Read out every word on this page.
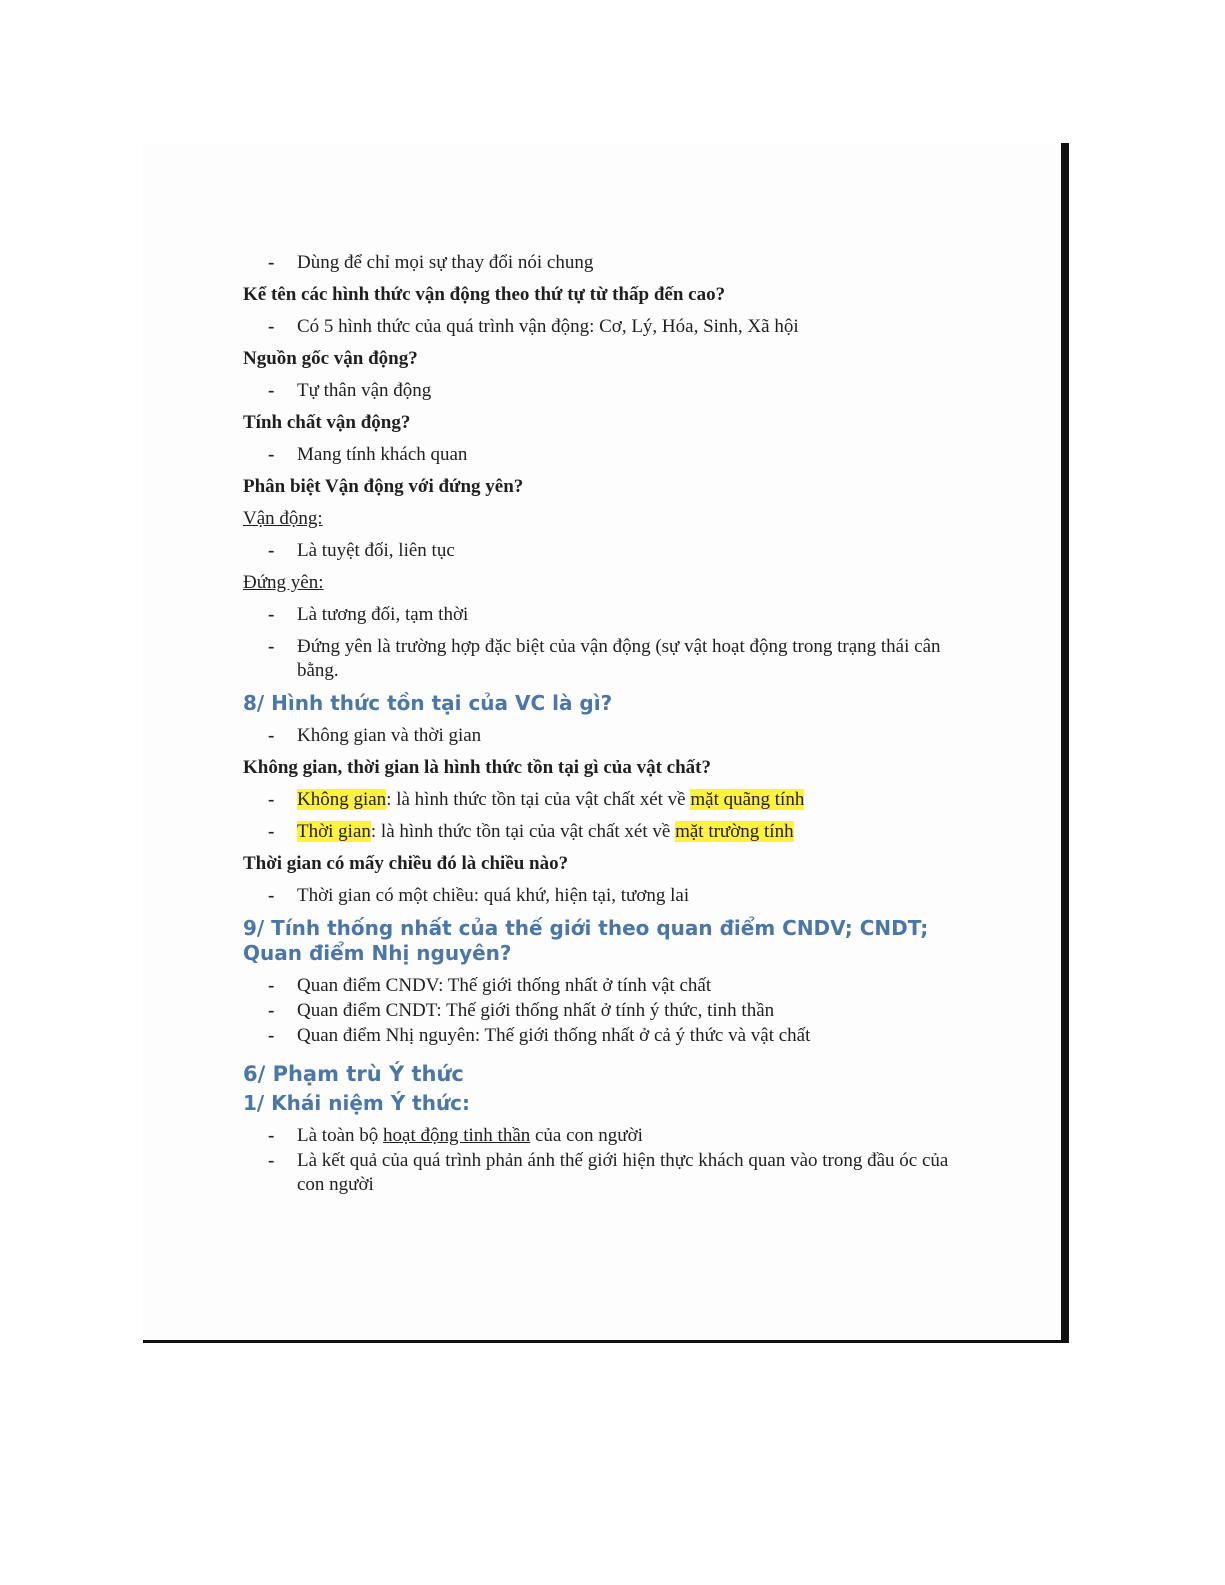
- Dùng để chỉ mọi sự thay đổi nói chung
Kể tên các hình thức vận động theo thứ tự từ thấp đến cao?
- Có 5 hình thức của quá trình vận động: Cơ, Lý, Hóa, Sinh, Xã hội
Nguồn gốc vận động?
- Tự thân vận động
Tính chất vận động?
- Mang tính khách quan
Phân biệt Vận động với đứng yên?
Vận động:
- Là tuyệt đối, liên tục
Đứng yên:
- Là tương đối, tạm thời
- Đứng yên là trường hợp đặc biệt của vận động (sự vật hoạt động trong trạng thái cân bằng.
8/ Hình thức tồn tại của VC là gì?
- Không gian và thời gian
Không gian, thời gian là hình thức tồn tại gì của vật chất?
- Không gian: là hình thức tồn tại của vật chất xét về mặt quãng tính
- Thời gian: là hình thức tồn tại của vật chất xét về mặt trường tính
Thời gian có mấy chiều đó là chiều nào?
- Thời gian có một chiều: quá khứ, hiện tại, tương lai
9/ Tính thống nhất của thế giới theo quan điểm CNDV; CNDT; Quan điểm Nhị nguyên?
- Quan điểm CNDV: Thế giới thống nhất ở tính vật chất
- Quan điểm CNDT: Thế giới thống nhất ở tính ý thức, tinh thần
- Quan điểm Nhị nguyên: Thế giới thống nhất ở cả ý thức và vật chất
6/ Phạm trù Ý thức
1/ Khái niệm Ý thức:
- Là toàn bộ hoạt động tinh thần của con người
- Là kết quả của quá trình phản ánh thế giới hiện thực khách quan vào trong đầu óc của con người
